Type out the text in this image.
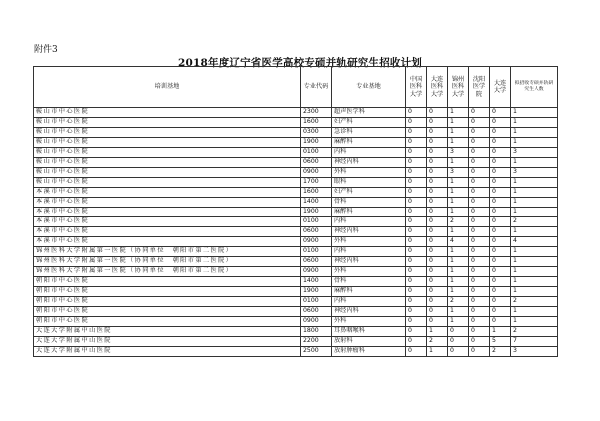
附件3
2018年度辽宁省医学高校专硕并轨研究生招收计划
培训基地	专业代码	专业基地	中国医科大学	大连医科大学	锦州医科大学	沈阳医学院	大连大学	拟招收专硕并轨研究生人数
鞍山市中心医院	2300	超声医学科	0	0	1	0	0	1
鞍山市中心医院	1600	妇产科	0	0	1	0	0	1
鞍山市中心医院	0300	急诊科	0	0	1	0	0	1
鞍山市中心医院	1900	麻醉科	0	0	1	0	0	1
鞍山市中心医院	0100	内科	0	0	3	0	0	3
鞍山市中心医院	0600	神经内科	0	0	1	0	0	1
鞍山市中心医院	0900	外科	0	0	3	0	0	3
鞍山市中心医院	1700	眼科	0	0	1	0	0	1
本溪市中心医院	1600	妇产科	0	0	1	0	0	1
本溪市中心医院	1400	骨科	0	0	1	0	0	1
本溪市中心医院	1900	麻醉科	0	0	1	0	0	1
本溪市中心医院	0100	内科	0	0	2	0	0	2
本溪市中心医院	0600	神经内科	0	0	1	0	0	1
本溪市中心医院	0900	外科	0	0	4	0	0	4
锦州医科大学附属第一医院（协同单位　朝阳市第二医院）	0100	内科	0	0	1	0	0	1
锦州医科大学附属第一医院（协同单位　朝阳市第二医院）	0600	神经内科	0	0	1	0	0	1
锦州医科大学附属第一医院（协同单位　朝阳市第二医院）	0900	外科	0	0	1	0	0	1
朝阳市中心医院	1400	骨科	0	0	1	0	0	1
朝阳市中心医院	1900	麻醉科	0	0	1	0	0	1
朝阳市中心医院	0100	内科	0	0	2	0	0	2
朝阳市中心医院	0600	神经内科	0	0	1	0	0	1
朝阳市中心医院	0900	外科	0	0	1	0	0	1
大连大学附属中山医院	1800	耳鼻咽喉科	0	1	0	0	1	2
大连大学附属中山医院	2200	放射科	0	2	0	0	5	7
大连大学附属中山医院	2500	放射肿瘤科	0	1	0	0	2	3
